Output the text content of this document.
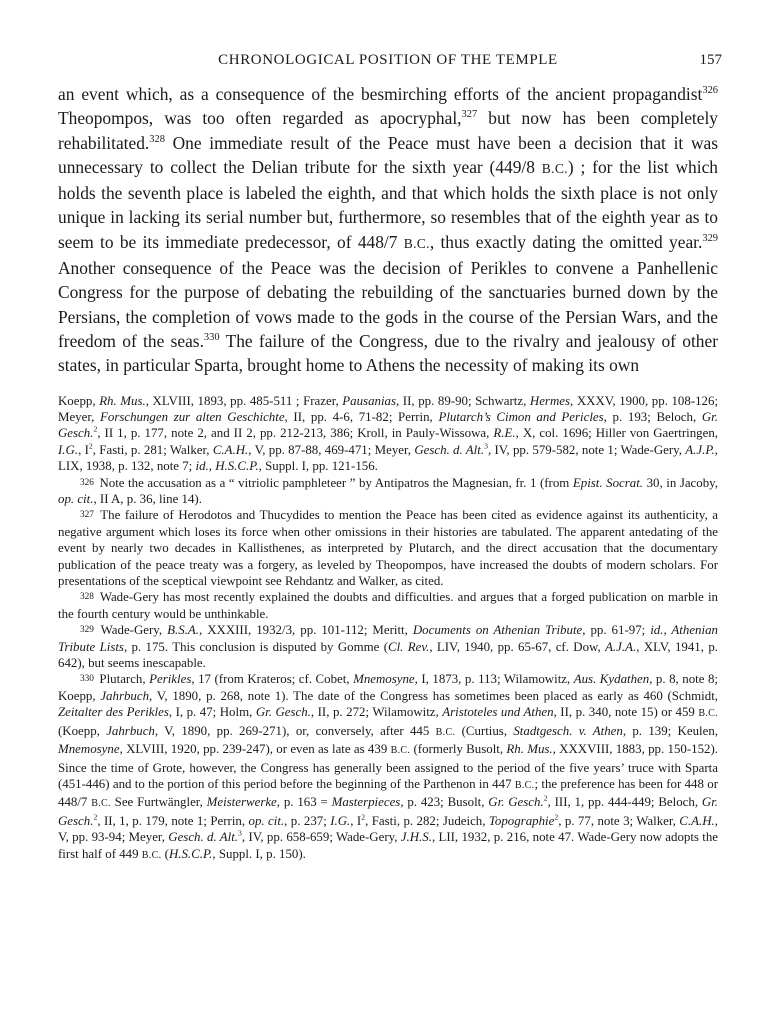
CHRONOLOGICAL POSITION OF THE TEMPLE	157

an event which, as a consequence of the besmirching efforts of the ancient propagandist$^{326}$ Theopompos, was too often regarded as apocryphal,$^{327}$ but now has been completely rehabilitated.$^{328}$ One immediate result of the Peace must have been a decision that it was unnecessary to collect the Delian tribute for the sixth year (449/8 B.C.) ; for the list which holds the seventh place is labeled the eighth, and that which holds the sixth place is not only unique in lacking its serial number but, furthermore, so resembles that of the eighth year as to seem to be its immediate predecessor, of 448/7 B.C., thus exactly dating the omitted year.$^{329}$ Another consequence of the Peace was the decision of Perikles to convene a Panhellenic Congress for the purpose of debating the rebuilding of the sanctuaries burned down by the Persians, the completion of vows made to the gods in the course of the Persian Wars, and the freedom of the seas.$^{330}$ The failure of the Congress, due to the rivalry and jealousy of other states, in particular Sparta, brought home to Athens the necessity of making its own

Koepp, Rh. Mus., XLVIII, 1893, pp. 485-511 ; Frazer, Pausanias, II, pp. 89-90; Schwartz, Hermes, XXXV, 1900, pp. 108-126; Meyer, Forschungen zur alten Geschichte, II, pp. 4-6, 71-82; Perrin, Plutarch’s Cimon and Pericles, p. 193; Beloch, Gr. Gesch.$^2$, II 1, p. 177, note 2, and II 2, pp. 212-213, 386; Kroll, in Pauly-Wissowa, R.E., X, col. 1696; Hiller von Gaertringen, I.G., I$^2$, Fasti, p. 281; Walker, C.A.H., V, pp. 87-88, 469-471; Meyer, Gesch. d. Alt.$^3$, IV, pp. 579-582, note 1; Wade-Gery, A.J.P., LIX, 1938, p. 132, note 7; id., H.S.C.P., Suppl. I, pp. 121-156.

326 Note the accusation as a “ vitriolic pamphleteer ” by Antipatros the Magnesian, fr. 1 (from Epist. Socrat. 30, in Jacoby, op. cit., II A, p. 36, line 14).

327 The failure of Herodotos and Thucydides to mention the Peace has been cited as evidence against its authenticity, a negative argument which loses its force when other omissions in their histories are tabulated. The apparent antedating of the event by nearly two decades in Kallisthenes, as interpreted by Plutarch, and the direct accusation that the documentary publication of the peace treaty was a forgery, as leveled by Theopompos, have increased the doubts of modern scholars. For presentations of the sceptical viewpoint see Rehdantz and Walker, as cited.

328 Wade-Gery has most recently explained the doubts and difficulties. and argues that a forged publication on marble in the fourth century would be unthinkable.

329 Wade-Gery, B.S.A., XXXIII, 1932/3, pp. 101-112; Meritt, Documents on Athenian Tribute, pp. 61-97; id., Athenian Tribute Lists, p. 175. This conclusion is disputed by Gomme (Cl. Rev., LIV, 1940, pp. 65-67, cf. Dow, A.J.A., XLV, 1941, p. 642), but seems inescapable.

330 Plutarch, Perikles, 17 (from Krateros; cf. Cobet, Mnemosyne, I, 1873, p. 113; Wilamowitz, Aus. Kydathen, p. 8, note 8; Koepp, Jahrbuch, V, 1890, p. 268, note 1). The date of the Congress has sometimes been placed as early as 460 (Schmidt, Zeitalter des Perikles, I, p. 47; Holm, Gr. Gesch., II, p. 272; Wilamowitz, Aristoteles und Athen, II, p. 340, note 15) or 459 B.C. (Koepp, Jahrbuch, V, 1890, pp. 269-271), or, conversely, after 445 B.C. (Curtius, Stadtgesch. v. Athen, p. 139; Keulen, Mnemosyne, XLVIII, 1920, pp. 239-247), or even as late as 439 B.C. (formerly Busolt, Rh. Mus., XXXVIII, 1883, pp. 150-152). Since the time of Grote, however, the Congress has generally been assigned to the period of the five years’ truce with Sparta (451-446) and to the portion of this period before the beginning of the Parthenon in 447 B.C.; the preference has been for 448 or 448/7 B.C. See Furtwängler, Meisterwerke, p. 163 = Masterpieces, p. 423; Busolt, Gr. Gesch.$^2$, III, 1, pp. 444-449; Beloch, Gr. Gesch.$^2$, II, 1, p. 179, note 1; Perrin, op. cit., p. 237; I.G., I$^2$, Fasti, p. 282; Judeich, Topographie$^2$, p. 77, note 3; Walker, C.A.H., V, pp. 93-94; Meyer, Gesch. d. Alt.$^3$, IV, pp. 658-659; Wade-Gery, J.H.S., LII, 1932, p. 216, note 47. Wade-Gery now adopts the first half of 449 B.C. (H.S.C.P., Suppl. I, p. 150).
